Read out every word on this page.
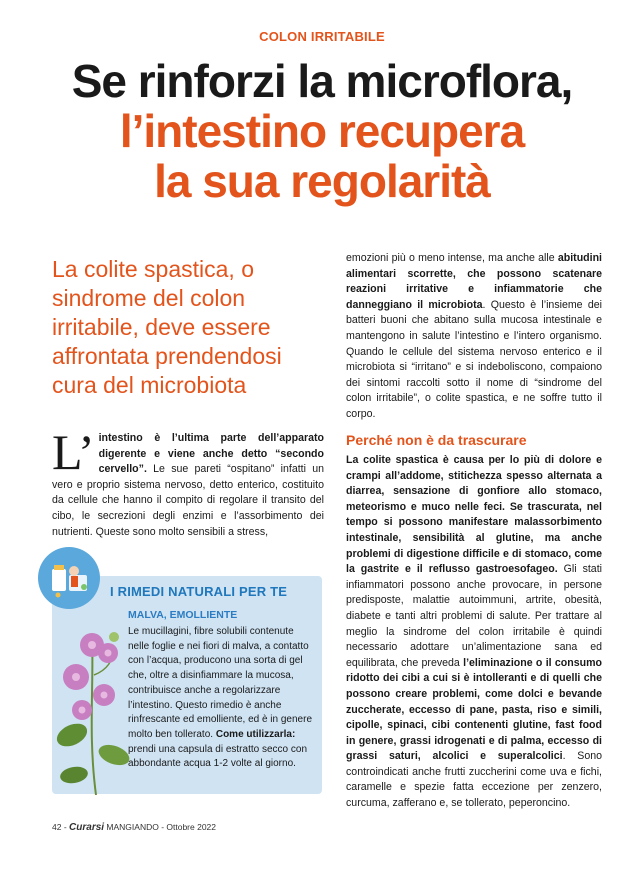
COLON IRRITABILE
Se rinforzi la microflora,
l’intestino recupera
la sua regolarità

La colite spastica, o sindrome del colon irritabile, deve essere affrontata prendendosi cura del microbiota

L’ intestino è l’ultima parte dell’apparato digerente e viene anche detto “secondo cervello”. Le sue pareti “ospitano” infatti un vero e proprio sistema nervoso, detto enterico, costituito da cellule che hanno il compito di regolare il transito del cibo, le secrezioni degli enzimi e l’assorbimento dei nutrienti. Queste sono molto sensibili a stress,
I RIMEDI NATURALI PER TE
MALVA, EMOLLIENTE
Le mucillagini, fibre solubili contenute nelle foglie e nei fiori di malva, a contatto con l’acqua, producono una sorta di gel che, oltre a disinfiammare la mucosa, contribuisce anche a regolarizzare l’intestino. Questo rimedio è anche rinfrescante ed emolliente, ed è in genere molto ben tollerato. Come utilizzarla: prendi una capsula di estratto secco con abbondante acqua 1-2 volte al giorno.
emozioni più o meno intense, ma anche alle abitudini alimentari scorrette, che possono scatenare reazioni irritative e infiammatorie che danneggiano il microbiota. Questo è l’insieme dei batteri buoni che abitano sulla mucosa intestinale e mantengono in salute l’intestino e l’intero organismo. Quando le cellule del sistema nervoso enterico e il microbiota si “irritano” e si indeboliscono, compaiono dei sintomi raccolti sotto il nome di “sindrome del colon irritabile”, o colite spastica, e ne soffre tutto il corpo.
Perché non è da trascurare
La colite spastica è causa per lo più di dolore e crampi all’addome, stitichezza spesso alternata a diarrea, sensazione di gonfiore allo stomaco, meteorismo e muco nelle feci. Se trascurata, nel tempo si possono manifestare malassorbimento intestinale, sensibilità al glutine, ma anche problemi di digestione difficile e di stomaco, come la gastrite e il reflusso gastroesofageo. Gli stati infiammatori possono anche provocare, in persone predisposte, malattie autoimmuni, artrite, obesità, diabete e tanti altri problemi di salute. Per trattare al meglio la sindrome del colon irritabile è quindi necessario adottare un’alimentazione sana ed equilibrata, che preveda l’eliminazione o il consumo ridotto dei cibi a cui si è intolleranti e di quelli che possono creare problemi, come dolci e bevande zuccherate, eccesso di pane, pasta, riso e simili, cipolle, spinaci, cibi contenenti glutine, fast food in genere, grassi idrogenati e di palma, eccesso di grassi saturi, alcolici e superalcolici. Sono controindicati anche frutti zuccherini come uva e fichi, caramelle e spezie fatta eccezione per zenzero, curcuma, zafferano e, se tollerato, peperoncino.
42 - Curarsi MANGIANDO - Ottobre 2022
